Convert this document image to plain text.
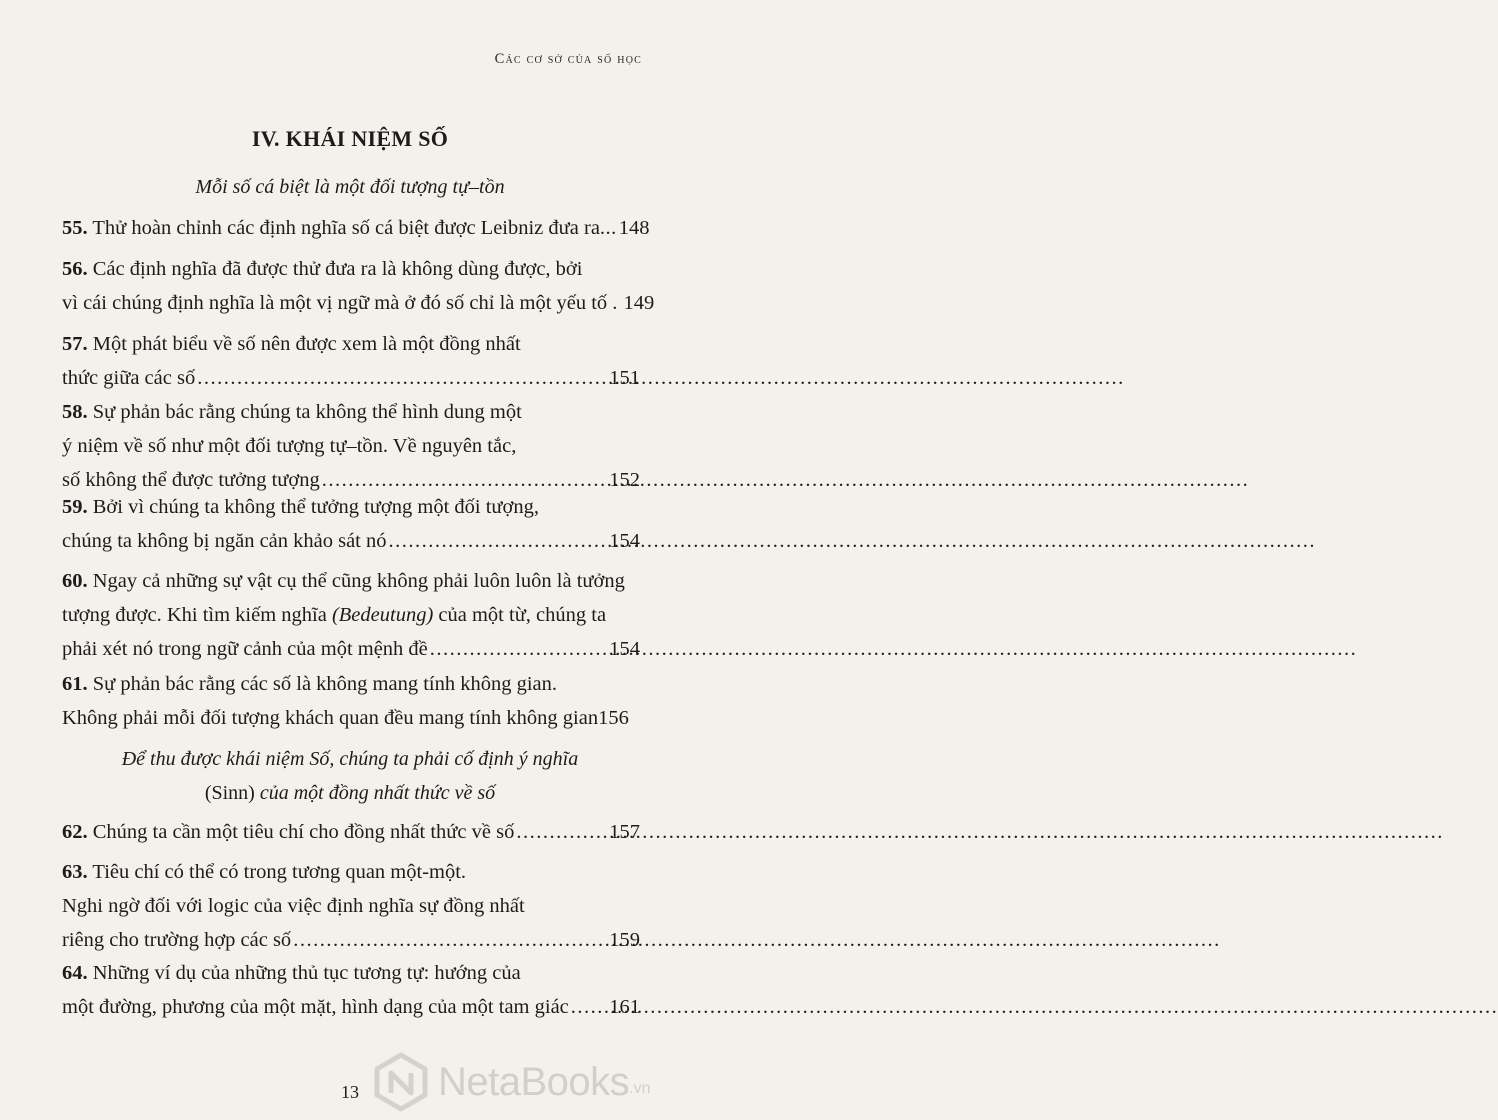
Các cơ sở của số học
IV. KHÁI NIỆM SỐ
Mỗi số cá biệt là một đối tượng tự–tồn
55. Thử hoàn chỉnh các định nghĩa số cá biệt được Leibniz đưa ra ... 148
56. Các định nghĩa đã được thử đưa ra là không dùng được, bởi
vì cái chúng định nghĩa là một vị ngữ mà ở đó số chỉ là một yếu tố . 149
57. Một phát biểu về số nên được xem là một đồng nhất
thức giữa các số .....	151
58. Sự phản bác rằng chúng ta không thể hình dung một
ý niệm về số như một đối tượng tự–tồn. Về nguyên tắc,
số không thể được tưởng tượng .....	152
59. Bởi vì chúng ta không thể tưởng tượng một đối tượng,
chúng ta không bị ngăn cản khảo sát nó .....	154
60. Ngay cả những sự vật cụ thể cũng không phải luôn luôn là tưởng
tượng được. Khi tìm kiếm nghĩa (Bedeutung) của một từ, chúng ta
phải xét nó trong ngữ cảnh của một mệnh đề .....	154
61. Sự phản bác rằng các số là không mang tính không gian.
Không phải mỗi đối tượng khách quan đều mang tính không gian 156
Để thu được khái niệm Số, chúng ta phải cố định ý nghĩa
(Sinn) của một đồng nhất thức về số
62. Chúng ta cần một tiêu chí cho đồng nhất thức về số .....	157
63. Tiêu chí có thể có trong tương quan một-một.
Nghi ngờ đối với logic của việc định nghĩa sự đồng nhất
riêng cho trường hợp các số .....	159
64. Những ví dụ của những thủ tục tương tự: hướng của
một đường, phương của một mặt, hình dạng của một tam giác ..... 161
13	NetaBooks .vn
